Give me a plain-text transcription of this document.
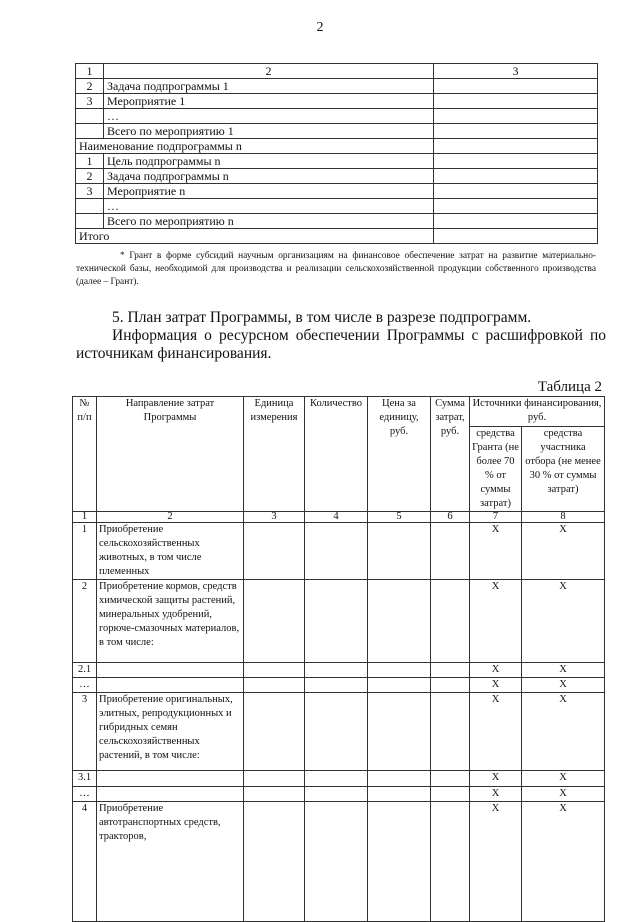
2
1	2	3
2	Задача подпрограммы 1	
3	Мероприятие 1	
	…	
	Всего по мероприятию 1	
Наименование подпрограммы n		
1	Цель подпрограммы n	
2	Задача подпрограммы n	
3	Мероприятие n	
	…	
	Всего по мероприятию n	
Итого		
* Грант в форме субсидий научным организациям на финансовое обеспечение затрат на развитие материально-технической базы, необходимой для производства и реализации сельскохозяйственной продукции собственного производства (далее – Грант).
5. План затрат Программы, в том числе в разрезе подпрограмм.
Информация о ресурсном обеспечении Программы с расшифровкой по источникам финансирования.
Таблица 2
№ п/п	Направление затрат Программы	Единица измерения	Количество	Цена за единицу, руб.	Сумма затрат, руб.	Источники финансирования, руб.	
						средства Гранта (не более 70 % от суммы затрат)	средства участника отбора (не менее 30 % от суммы затрат)
1	2	3	4	5	6	7	8
1	Приобретение сельскохозяйственных животных, в том числе племенных					X	X
2	Приобретение кормов, средств химической защиты растений, минеральных удобрений, горюче-смазочных материалов, в том числе:					X	X
2.1						X	X
…						X	X
3	Приобретение оригинальных, элитных, репродукционных и гибридных семян сельскохозяйственных растений, в том числе:					X	X
3.1						X	X
…						X	X
4	Приобретение автотранспортных средств, тракторов,					X	X
